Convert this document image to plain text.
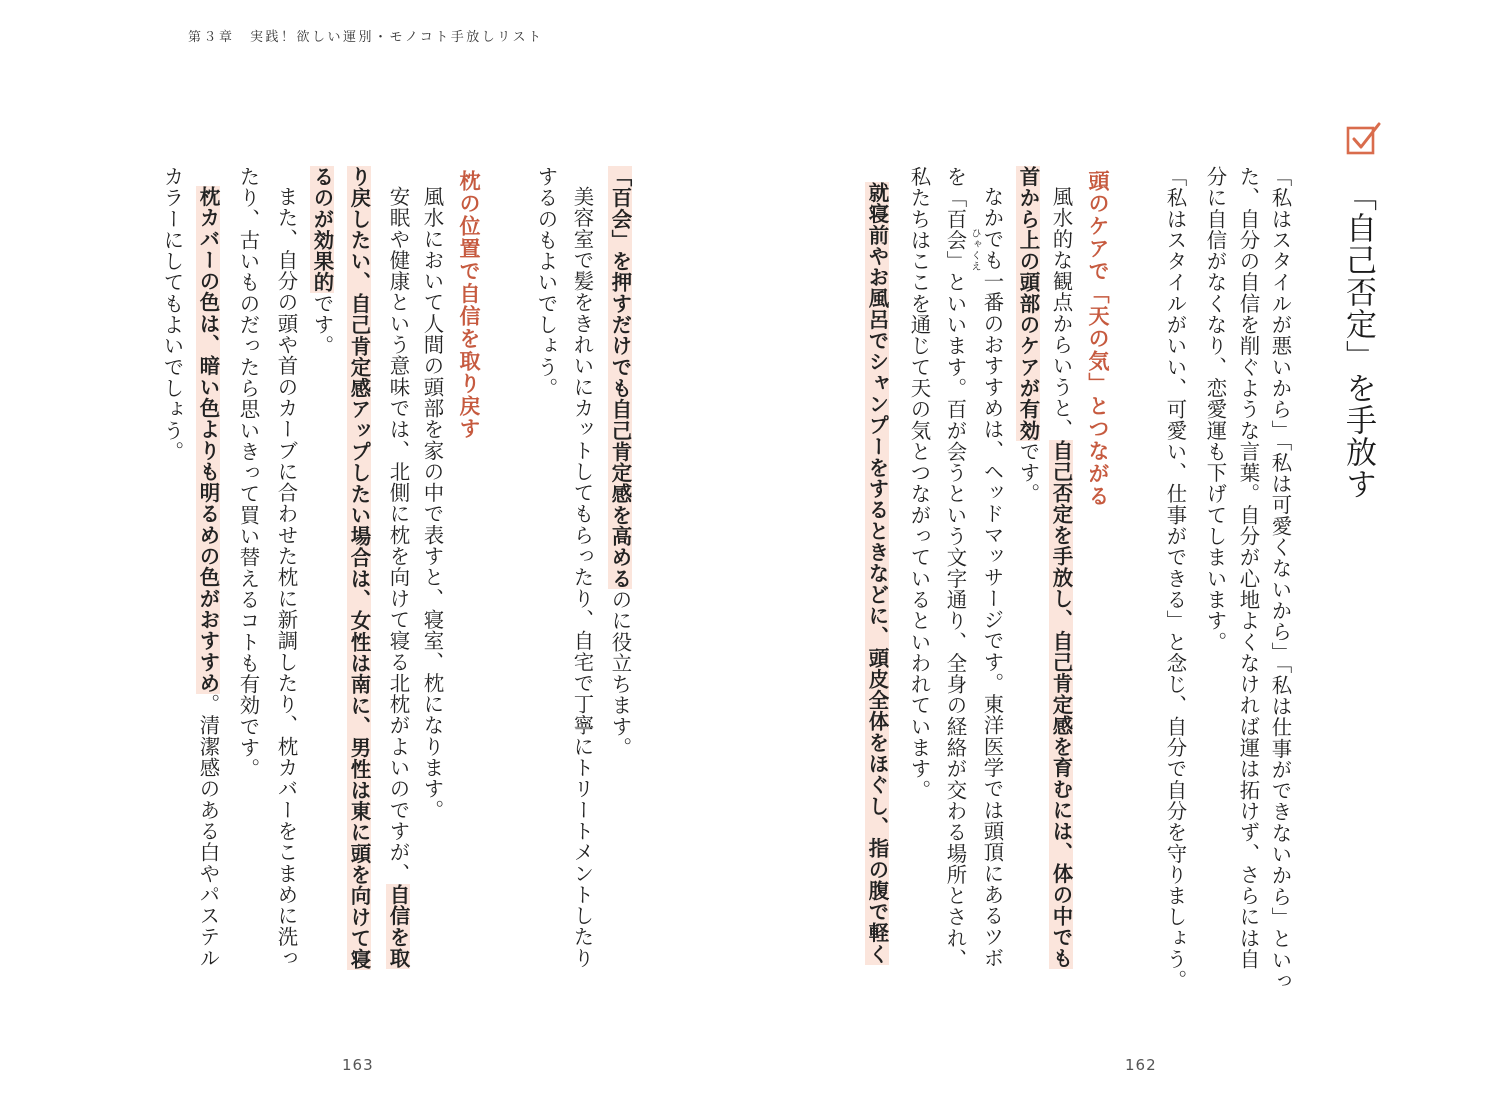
第３章　実践！欲しい運別・モノコト手放しリスト
「自己否定」を手放す
「私はスタイルが悪いから」「私は可愛くないから」「私は仕事ができないから」といっ
た、自分の自信を削ぐような言葉。自分が心地よくなければ運は拓けず、さらには自
分に自信がなくなり、恋愛運も下げてしまいます。
「私はスタイルがいい、可愛い、仕事ができる」と念じ、自分で自分を守りましょう。
頭のケアで「天の気」とつながる
風水的な観点からいうと、自己否定を手放し、自己肯定感を育むには、体の中でも
首から上の頭部のケアが有効です。
なかでも一番のおすすめは、ヘッドマッサージです。東洋医学では頭頂にあるツボ
ひゃくえ
を「百会」といいます。百が会うという文字通り、全身の経絡が交わる場所とされ、
私たちはここを通じて天の気とつながっているといわれています。
就寝前やお風呂でシャンプーをするときなどに、頭皮全体をほぐし、指の腹で軽く
162
「百会」を押すだけでも自己肯定感を高めるのに役立ちます。
美容室で髪をきれいにカットしてもらったり、自宅で丁寧にトリートメントしたり
するのもよいでしょう。
枕の位置で自信を取り戻す
風水において人間の頭部を家の中で表すと、寝室、枕になります。
安眠や健康という意味では、北側に枕を向けて寝る北枕がよいのですが、自信を取
り戻したい、自己肯定感アップしたい場合は、女性は南に、男性は東に頭を向けて寝
るのが効果的です。
また、自分の頭や首のカーブに合わせた枕に新調したり、枕カバーをこまめに洗っ
たり、古いものだったら思いきって買い替えるコトも有効です。
枕カバーの色は、暗い色よりも明るめの色がおすすめ。清潔感のある白やパステル
カラーにしてもよいでしょう。
163
